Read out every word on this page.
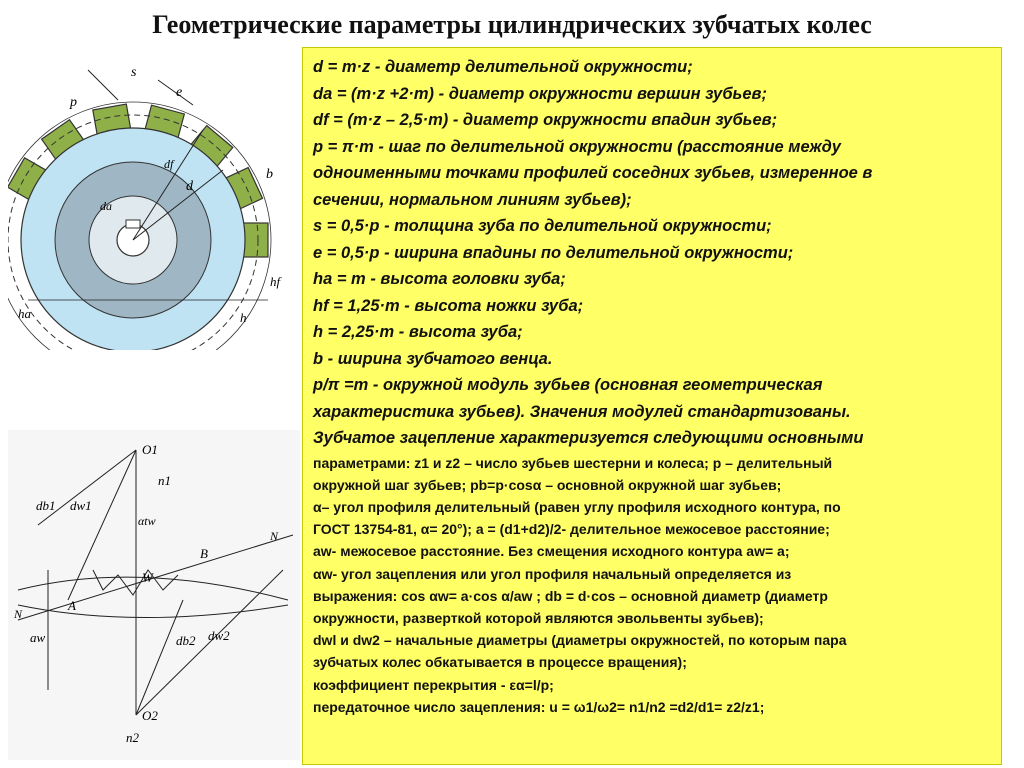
Геометрические параметры цилиндрических зубчатых колес
s
p
e
b
da
df
d
hf
ha	h
O1
n1
db1 dw1
αtw
N
B
W
A
N
aw	db2 dw2
O2
n2

d = m·z - диаметр делительной окружности;

da = (m·z +2·m) - диаметр окружности вершин зубьев;

df = (m·z – 2,5·m) - диаметр окружности впадин зубьев;

p = π·m - шаг по делительной окружности (расстояние между

одноименными точками профилей соседних зубьев, измеренное в

сечении, нормальном линиям зубьев);

s = 0,5·p - толщина зуба по делительной окружности;

e = 0,5·p - ширина впадины по делительной окружности;

ha = m - высота головки зуба;

hf = 1,25·m - высота ножки зуба;

h = 2,25·m - высота зуба;

b - ширина зубчатого венца.

p/π =m - окружной модуль зубьев (основная геометрическая

характеристика зубьев). Значения модулей стандартизованы.

Зубчатое зацепление характеризуется следующими основными

параметрами: z1 и z2 – число зубьев шестерни и колеса; p – делительный

окружной шаг зубьев; pb=p·cosα – основной окружной шаг зубьев;

α– угол профиля делительный (равен углу профиля исходного контура, по

ГОСТ 13754-81, α= 20°); a = (d1+d2)/2- делительное межосевое расстояние;

aw- межосевое расстояние. Без смещения исходного контура aw= a;

αw- угол зацепления или угол профиля начальный определяется из

выражения: cos αw= a·cos α/aw ; db = d·cos – основной диаметр (диаметр

окружности, разверткой которой являются эвольвенты зубьев);

dwl и dw2 – начальные диаметры (диаметры окружностей, по которым пара

зубчатых колес обкатывается в процессе вращения);

коэффициент перекрытия - εα=l/p;

передаточное число зацепления: u = ω1/ω2= n1/n2 =d2/d1= z2/z1;
